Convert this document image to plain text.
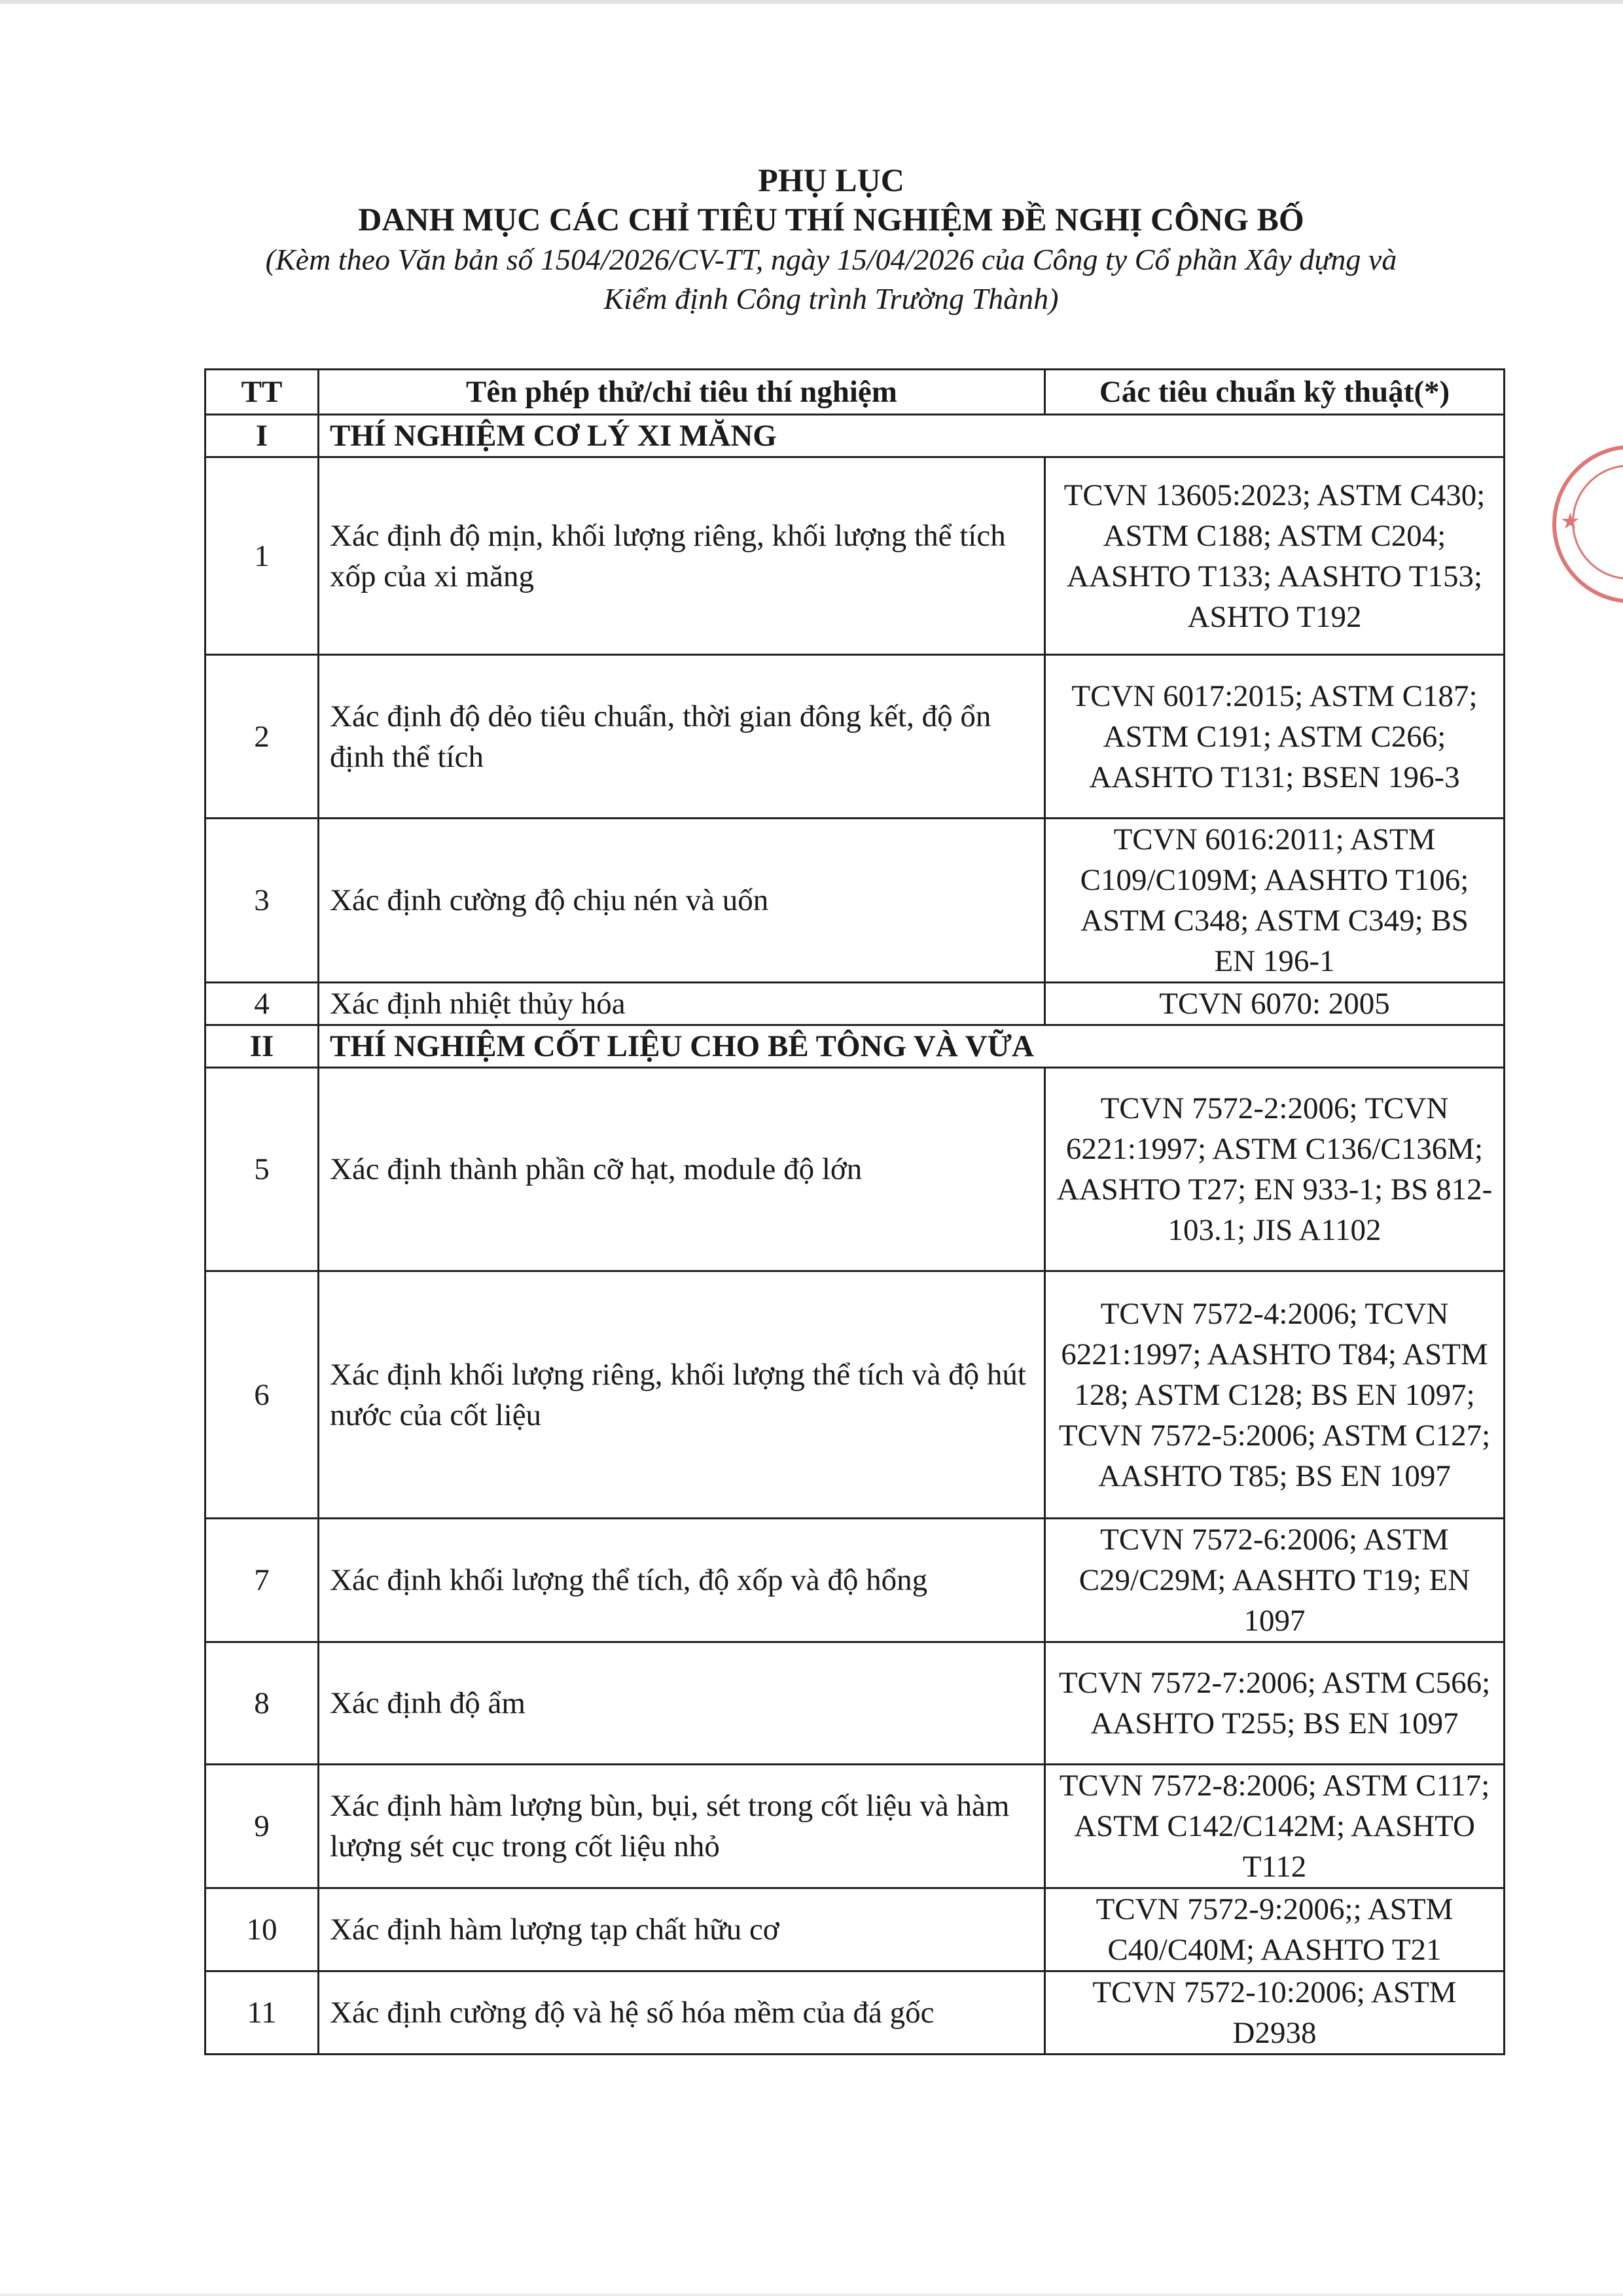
PHỤ LỤC

DANH MỤC CÁC CHỈ TIÊU THÍ NGHIỆM ĐỀ NGHỊ CÔNG BỐ

(Kèm theo Văn bản số 1504/2026/CV-TT, ngày 15/04/2026 của Công ty Cổ phần Xây dựng và Kiểm định Công trình Trường Thành)

TT	Tên phép thử/chỉ tiêu thí nghiệm	Các tiêu chuẩn kỹ thuật(*)
I	THÍ NGHIỆM CƠ LÝ XI MĂNG	
1	Xác định độ mịn, khối lượng riêng, khối lượng thể tích xốp của xi măng	TCVN 13605:2023; ASTM C430; ASTM C188; ASTM C204; AASHTO T133; AASHTO T153; ASHTO T192
2	Xác định độ dẻo tiêu chuẩn, thời gian đông kết, độ ổn định thể tích	TCVN 6017:2015; ASTM C187; ASTM C191; ASTM C266; AASHTO T131; BSEN 196-3
3	Xác định cường độ chịu nén và uốn	TCVN 6016:2011; ASTM C109/C109M; AASHTO T106; ASTM C348; ASTM C349; BS EN 196-1
4	Xác định nhiệt thủy hóa	TCVN 6070: 2005
II	THÍ NGHIỆM CỐT LIỆU CHO BÊ TÔNG VÀ VỮA	
5	Xác định thành phần cỡ hạt, module độ lớn	TCVN 7572-2:2006; TCVN 6221:1997; ASTM C136/C136M; AASHTO T27; EN 933-1; BS 812-103.1; JIS A1102
6	Xác định khối lượng riêng, khối lượng thể tích và độ hút nước của cốt liệu	TCVN 7572-4:2006; TCVN 6221:1997; AASHTO T84; ASTM 128; ASTM C128; BS EN 1097; TCVN 7572-5:2006; ASTM C127; AASHTO T85; BS EN 1097
7	Xác định khối lượng thể tích, độ xốp và độ hổng	TCVN 7572-6:2006; ASTM C29/C29M; AASHTO T19; EN 1097
8	Xác định độ ẩm	TCVN 7572-7:2006; ASTM C566; AASHTO T255; BS EN 1097
9	Xác định hàm lượng bùn, bụi, sét trong cốt liệu và hàm lượng sét cục trong cốt liệu nhỏ	TCVN 7572-8:2006; ASTM C117; ASTM C142/C142M; AASHTO T112
10	Xác định hàm lượng tạp chất hữu cơ	TCVN 7572-9:2006;; ASTM C40/C40M; AASHTO T21
11	Xác định cường độ và hệ số hóa mềm của đá gốc	TCVN 7572-10:2006; ASTM D2938
★
